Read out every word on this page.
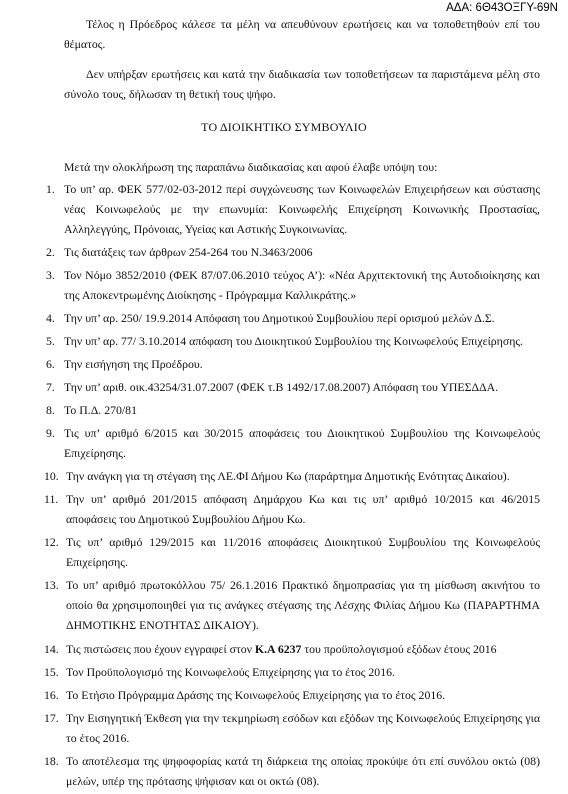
ΑΔΑ: 6Θ43ΟΞΓΥ-69Ν

Τέλος η Πρόεδρος κάλεσε τα μέλη να απευθύνουν ερωτήσεις και να τοποθετηθούν επί του θέματος.

Δεν υπήρξαν ερωτήσεις και κατά την διαδικασία των τοποθετήσεων τα παριστάμενα μέλη στο σύνολο τους, δήλωσαν τη θετική τους ψήφο.

ΤΟ ΔΙΟΙΚΗΤΙΚΟ ΣΥΜΒΟΥΛΙΟ
Μετά την ολοκλήρωση της παραπάνω διαδικασίας και αφού έλαβε υπόψη του:
1. Το υπ’ αρ. ΦΕΚ 577/02-03-2012 περί συγχώνευσης των Κοινωφελών Επιχειρήσεων και σύστασης νέας Κοινωφελούς με την επωνυμία: Κοινωφελής Επιχείρηση Κοινωνικής Προστασίας, Αλληλεγγύης, Πρόνοιας, Υγείας και Αστικής Συγκοινωνίας.
2. Τις διατάξεις των άρθρων 254-264 του Ν.3463/2006
3. Τον Νόμο 3852/2010 (ΦΕΚ 87/07.06.2010 τεύχος Α’): «Νέα Αρχιτεκτονική της Αυτοδιοίκησης και της Αποκεντρωμένης Διοίκησης - Πρόγραμμα Καλλικράτης.»
4. Την υπ’ αρ. 250/ 19.9.2014 Απόφαση του Δημοτικού Συμβουλίου περί ορισμού μελών Δ.Σ.
5. Την υπ’ αρ. 77/ 3.10.2014 απόφαση του Διοικητικού Συμβουλίου της Κοινωφελούς Επιχείρησης.
6. Την εισήγηση της Προέδρου.
7. Την υπ’ αριθ. οικ.43254/31.07.2007 (ΦΕΚ τ.Β 1492/17.08.2007) Απόφαση του ΥΠΕΣΔΔΑ.
8. Το Π.Δ. 270/81
9. Τις υπ’ αριθμό 6/2015 και 30/2015 αποφάσεις του Διοικητικού Συμβουλίου της Κοινωφελούς Επιχείρησης.
10. Την ανάγκη για τη στέγαση της ΛΕ.ΦΙ Δήμου Κω (παράρτημα Δημοτικής Ενότητας Δικαίου).
11. Την υπ’ αριθμό 201/2015 απόφαση Δημάρχου Κω και τις υπ’ αριθμό 10/2015 και 46/2015 αποφάσεις του Δημοτικού Συμβουλίου Δήμου Κω.
12. Τις υπ’ αριθμό 129/2015 και 11/2016 αποφάσεις Διοικητικού Συμβουλίου της Κοινωφελούς Επιχείρησης.
13. Το υπ’ αριθμό πρωτοκόλλου 75/ 26.1.2016 Πρακτικό δημοπρασίας για τη μίσθωση ακινήτου το οποίο θα χρησιμοποιηθεί για τις ανάγκες στέγασης της Λέσχης Φιλίας Δήμου Κω (ΠΑΡΑΡΤΗΜΑ ΔΗΜΟΤΙΚΗΣ ΕΝΟΤΗΤΑΣ ΔΙΚΑΙΟΥ).
14. Τις πιστώσεις που έχουν εγγραφεί στον Κ.Α 6237 του προϋπολογισμού εξόδων έτους 2016
15. Τον Προϋπολογισμό της Κοινωφελούς Επιχείρησης για το έτος 2016.
16. Το Ετήσιο Πρόγραμμα Δράσης της Κοινωφελούς Επιχείρησης για το έτος 2016.
17. Την Εισηγητική Έκθεση για την τεκμηρίωση εσόδων και εξόδων της Κοινωφελούς Επιχείρησης για το έτος 2016.
18. Το αποτέλεσμα της ψηφοφορίας κατά τη διάρκεια της οποίας προκύψε ότι επί συνόλου οκτώ (08) μελών, υπέρ της πρότασης ψήφισαν και οι οκτώ (08).
